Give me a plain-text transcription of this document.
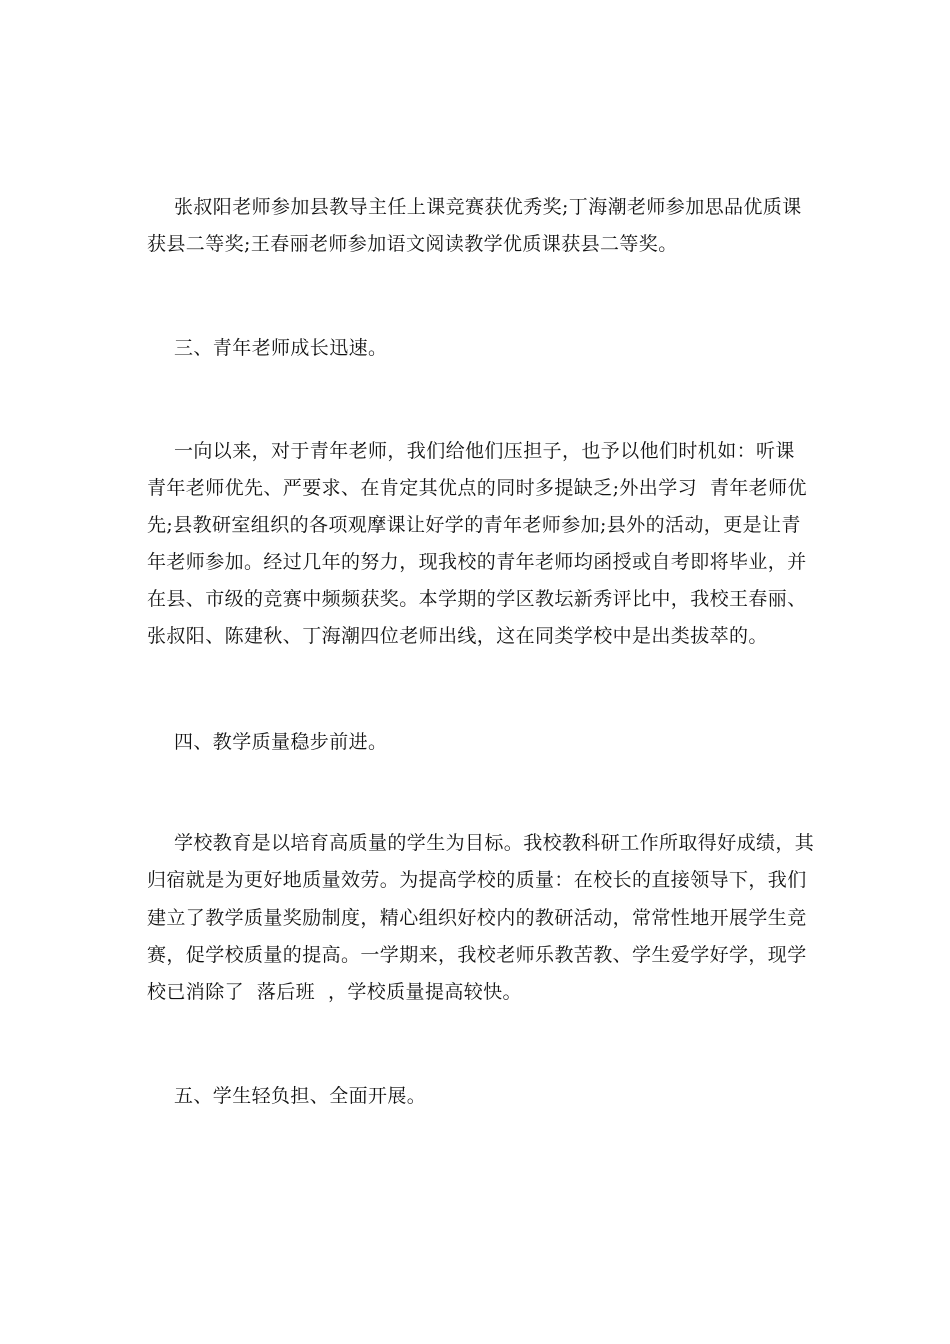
张叔阳老师参加县教导主任上课竞赛获优秀奖;丁海潮老师参加思品优质课
获县二等奖;王春丽老师参加语文阅读教学优质课获县二等奖。
三、青年老师成长迅速。
一向以来，对于青年老师，我们给他们压担子，也予以他们时机如：听课
青年老师优先、严要求、在肯定其优点的同时多提缺乏;外出学习  青年老师优
先;县教研室组织的各项观摩课让好学的青年老师参加;县外的活动，更是让青
年老师参加。经过几年的努力，现我校的青年老师均函授或自考即将毕业，并
在县、市级的竞赛中频频获奖。本学期的学区教坛新秀评比中，我校王春丽、
张叔阳、陈建秋、丁海潮四位老师出线，这在同类学校中是出类拔萃的。
四、教学质量稳步前进。
学校教育是以培育高质量的学生为目标。我校教科研工作所取得好成绩，其
归宿就是为更好地质量效劳。为提高学校的质量：在校长的直接领导下，我们
建立了教学质量奖励制度，精心组织好校内的教研活动，常常性地开展学生竞
赛，促学校质量的提高。一学期来，我校老师乐教苦教、学生爱学好学，现学
校已消除了  落后班  ，学校质量提高较快。
五、学生轻负担、全面开展。
